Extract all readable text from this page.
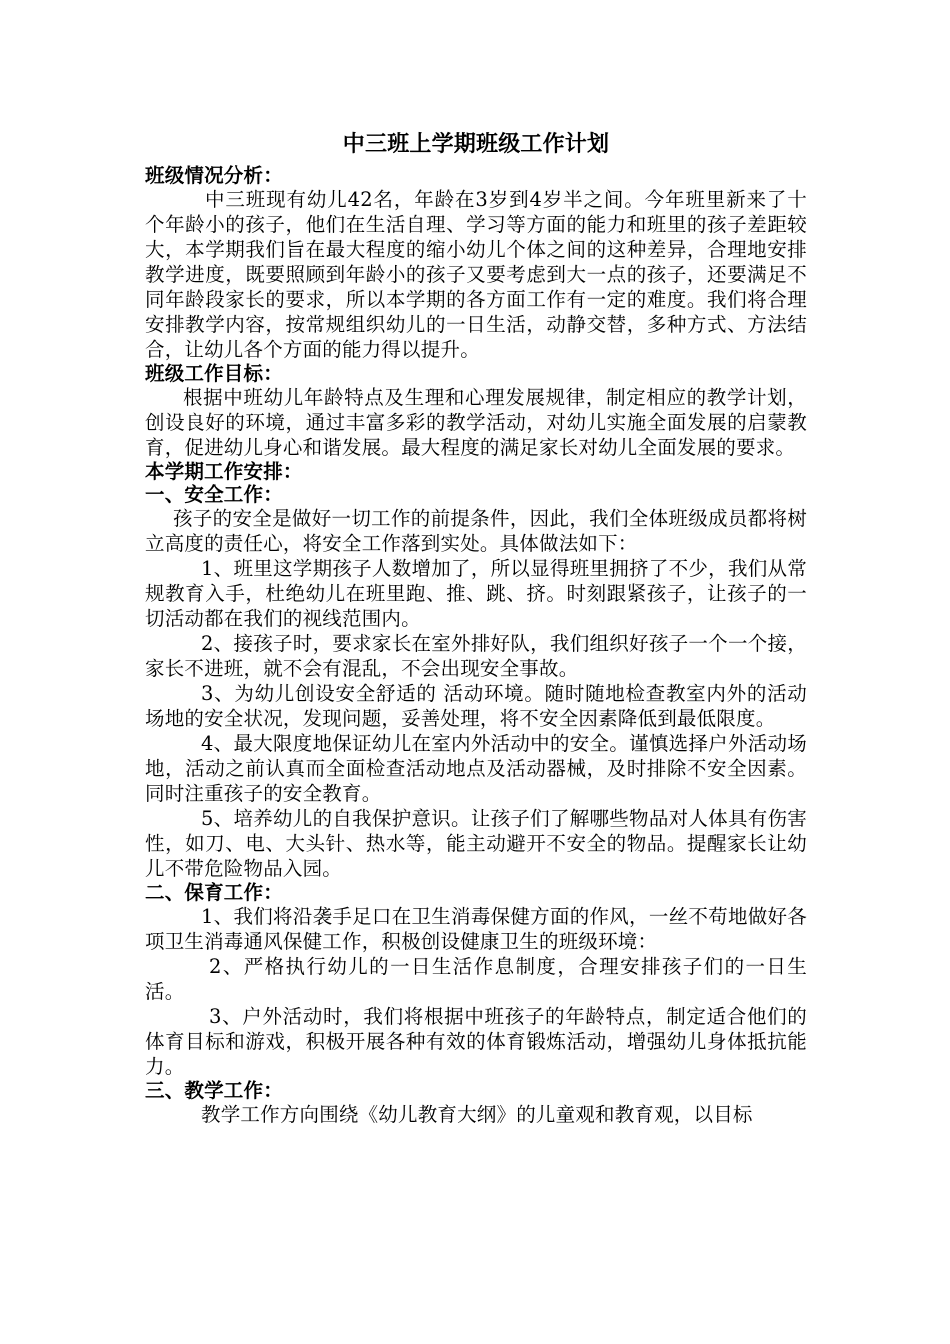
中三班上学期班级工作计划
班级情况分析：

中三班现有幼儿42名，年龄在3岁到4岁半之间。今年班里新来了十个年龄小的孩子，他们在生活自理、学习等方面的能力和班里的孩子差距较大，本学期我们旨在最大程度的缩小幼儿个体之间的这种差异，合理地安排教学进度，既要照顾到年龄小的孩子又要考虑到大一点的孩子，还要满足不同年龄段家长的要求，所以本学期的各方面工作有一定的难度。我们将合理安排教学内容，按常规组织幼儿的一日生活，动静交替，多种方式、方法结合，让幼儿各个方面的能力得以提升。

班级工作目标：

根据中班幼儿年龄特点及生理和心理发展规律，制定相应的教学计划，创设良好的环境，通过丰富多彩的教学活动，对幼儿实施全面发展的启蒙教育，促进幼儿身心和谐发展。最大程度的满足家长对幼儿全面发展的要求。

本学期工作安排：
一、安全工作：

孩子的安全是做好一切工作的前提条件，因此，我们全体班级成员都将树立高度的责任心，将安全工作落到实处。具体做法如下：

1、班里这学期孩子人数增加了，所以显得班里拥挤了不少，我们从常规教育入手，杜绝幼儿在班里跑、推、跳、挤。时刻跟紧孩子，让孩子的一切活动都在我们的视线范围内。

2、接孩子时，要求家长在室外排好队，我们组织好孩子一个一个接，家长不进班，就不会有混乱，不会出现安全事故。

3、为幼儿创设安全舒适的 活动环境。随时随地检查教室内外的活动场地的安全状况，发现问题，妥善处理，将不安全因素降低到最低限度。

4、最大限度地保证幼儿在室内外活动中的安全。谨慎选择户外活动场地，活动之前认真而全面检查活动地点及活动器械，及时排除不安全因素。同时注重孩子的安全教育。

5、培养幼儿的自我保护意识。让孩子们了解哪些物品对人体具有伤害性，如刀、电、大头针、热水等，能主动避开不安全的物品。提醒家长让幼儿不带危险物品入园。

二、保育工作：

1、我们将沿袭手足口在卫生消毒保健方面的作风，一丝不苟地做好各项卫生消毒通风保健工作，积极创设健康卫生的班级环境：

2、严格执行幼儿的一日生活作息制度，合理安排孩子们的一日生活。

3、户外活动时，我们将根据中班孩子的年龄特点，制定适合他们的体育目标和游戏，积极开展各种有效的体育锻炼活动，增强幼儿身体抵抗能力。

三、教学工作：

教学工作方向围绕《幼儿教育大纲》的儿童观和教育观，以目标
